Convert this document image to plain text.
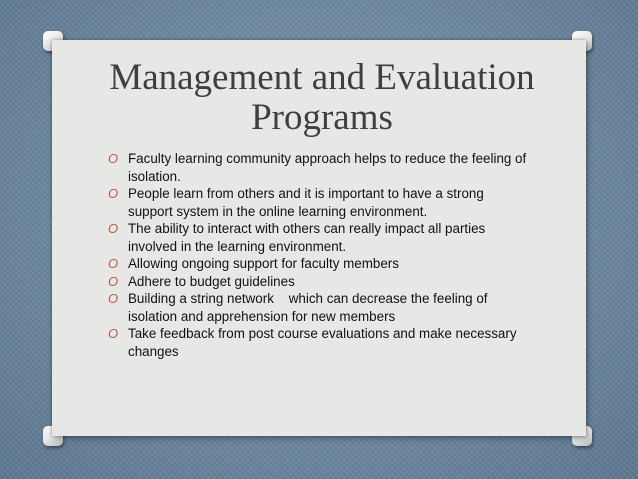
Management and Evaluation Programs
O Faculty learning community approach helps to reduce the feeling of isolation.
O People learn from others and it is important to have a strong support system in the online learning environment.
O The ability to interact with others can really impact all parties involved in the learning environment.
O Allowing ongoing support for faculty members
O Adhere to budget guidelines
O Building a string network    which can decrease the feeling of isolation and apprehension for new members
O Take feedback from post course evaluations and make necessary changes
